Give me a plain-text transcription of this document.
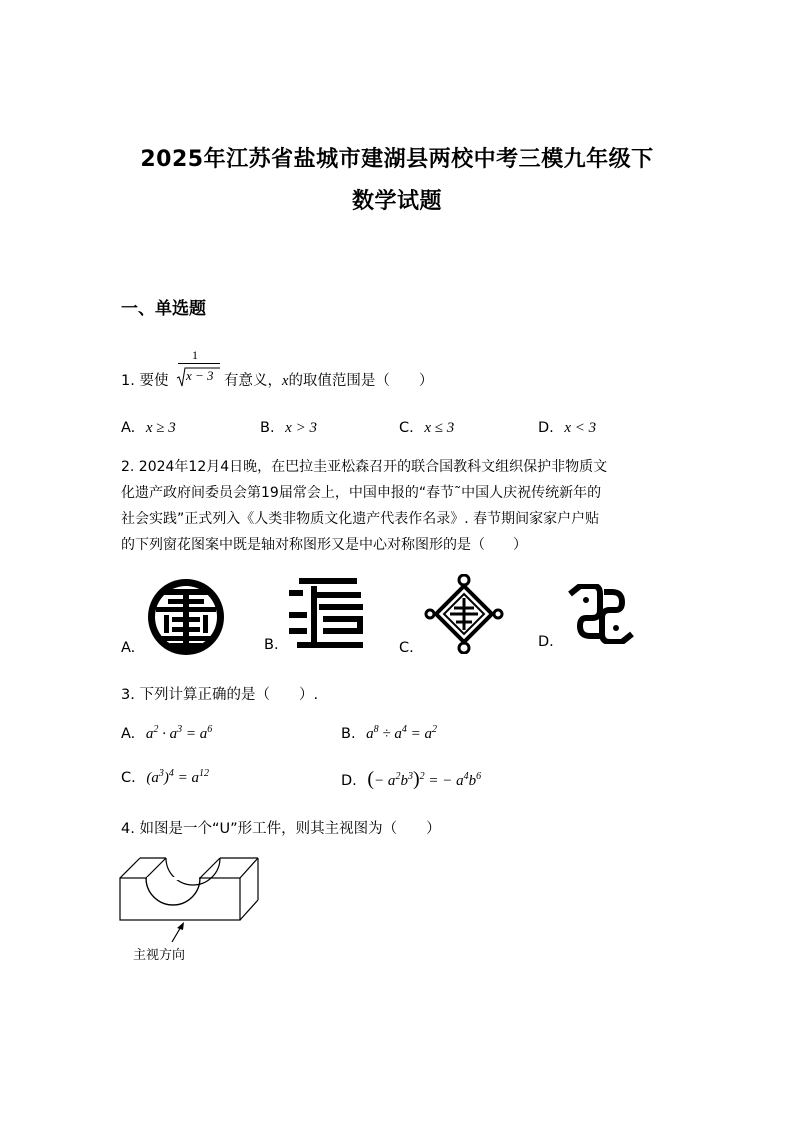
2025年江苏省盐城市建湖县两校中考三模九年级下
数学试题
一、单选题
1. 要使
1
x − 3 有意义，x的取值范围是（　　）
A. x ≥ 3	B. x > 3	C. x ≤ 3	D. x < 3
2. 2024年12月4日晚，在巴拉圭亚松森召开的联合国教科文组织保护非物质文
化遗产政府间委员会第19届常会上，中国申报的“春节˜中国人庆祝传统新年的
社会实践”正式列入《人类非物质文化遗产代表作名录》. 春节期间家家户户贴
的下列窗花图案中既是轴对称图形又是中心对称图形的是（　　）
A.	B.	C.	D.
3. 下列计算正确的是（　　）.
A. $a^2 \cdot a^3 = a^6$	B. $a^8 \div a^4 = a^2$
C. $(a^3)^4 = a^{12}$	D. (− $a^2b^3)^2$ = − $a^4b^6$
4. 如图是一个“U”形工件，则其主视图为（　　）
主视方向
